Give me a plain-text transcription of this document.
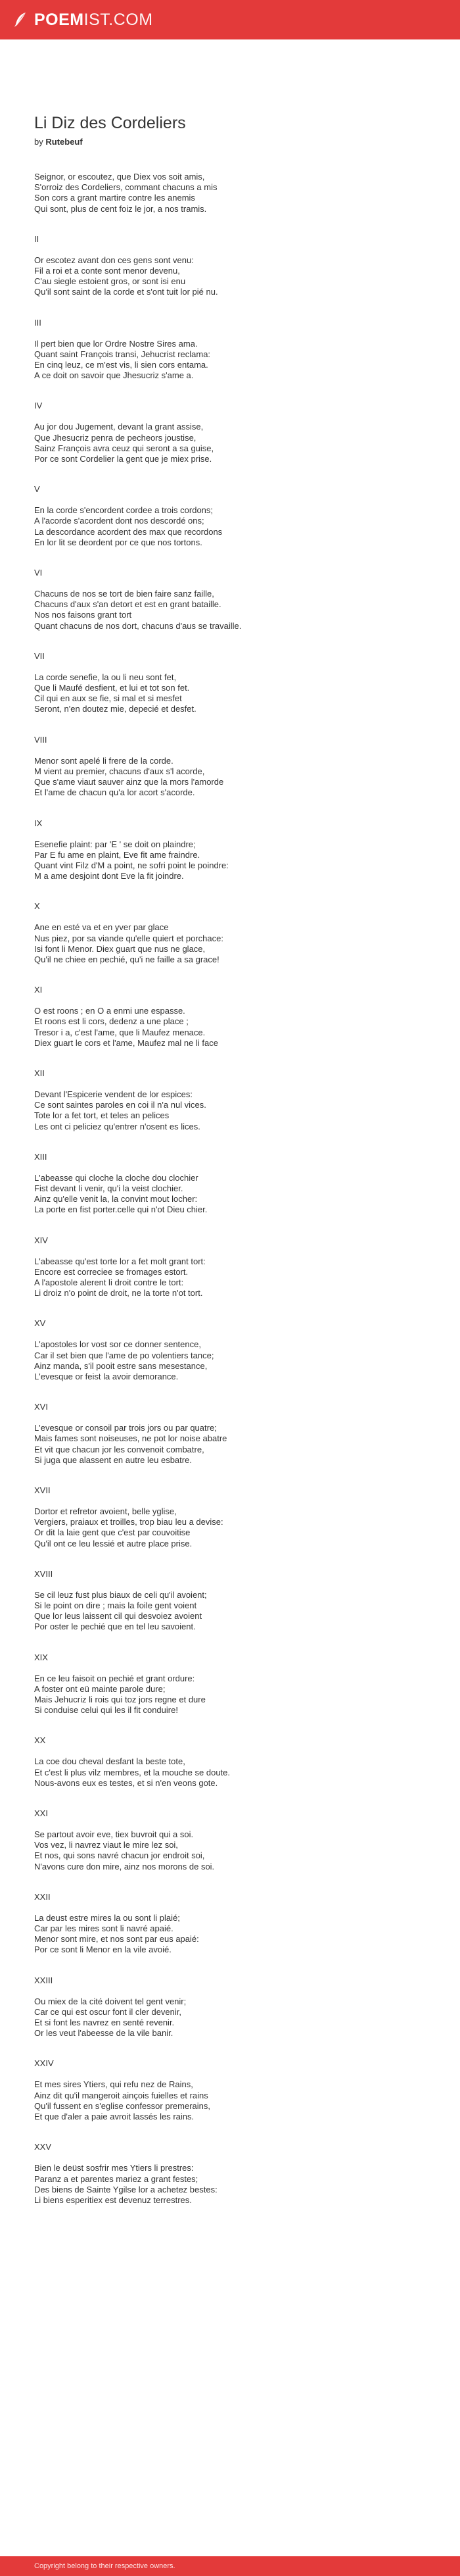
POEMIST.COM
Li Diz des Cordeliers
by Rutebeuf
Seignor, or escoutez, que Diex vos soit amis,
S'orroiz des Cordeliers, commant chacuns a mis
Son cors a grant martire contre les anemis
Qui sont, plus de cent foiz le jor, a nos tramis.
II
Or escotez avant don ces gens sont venu:
Fil a roi et a conte sont menor devenu,
C'au siegle estoient gros, or sont isi enu
Qu'il sont saint de la corde et s'ont tuit lor pié nu.
III
Il pert bien que lor Ordre Nostre Sires ama.
Quant saint François transi, Jehucrist reclama:
En cinq leuz, ce m'est vis, li sien cors entama.
A ce doit on savoir que Jhesucriz s'ame a.
IV
Au jor dou Jugement, devant la grant assise,
Que Jhesucriz penra de pecheors joustise,
Sainz François avra ceuz qui seront a sa guise,
Por ce sont Cordelier la gent que je miex prise.
V
En la corde s'encordent cordee a trois cordons;
A l'acorde s'acordent dont nos descordé ons;
La descordance acordent des max que recordons
En lor lit se deordent por ce que nos tortons.
VI
Chacuns de nos se tort de bien faire sanz faille,
Chacuns d'aux s'an detort et est en grant bataille.
Nos nos faisons grant tort
Quant chacuns de nos dort, chacuns d'aus se travaille.
VII
La corde senefie, la ou li neu sont fet,
Que li Maufé desfient, et lui et tot son fet.
Cil qui en aux se fie, si mal et si mesfet
Seront, n'en doutez mie, depecié et desfet.
VIII
Menor sont apelé li frere de la corde.
M vient au premier, chacuns d'aux s'l acorde,
Que s'ame viaut sauver ainz que la mors l'amorde
Et l'ame de chacun qu'a lor acort s'acorde.
IX
Esenefie plaint: par 'E ' se doit on plaindre;
Par E fu ame en plaint, Eve fit ame fraindre.
Quant vint Filz d'M a point, ne sofri point le poindre:
M a ame desjoint dont Eve la fit joindre.
X
Ane en esté va et en yver par glace
Nus piez, por sa viande qu'elle quiert et porchace:
Isi font li Menor. Diex guart que nus ne glace,
Qu'il ne chiee en pechié, qu'i ne faille a sa grace!
XI
O est roons ; en O a enmi une espasse.
Et roons est li cors, dedenz a une place ;
Tresor i a, c'est l'ame, que li Maufez menace.
Diex guart le cors et l'ame, Maufez mal ne li face
XII
Devant l'Espicerie vendent de lor espices:
Ce sont saintes paroles en coi il n'a nul vices.
Tote lor a fet tort, et teles an pelices
Les ont ci peliciez qu'entrer n'osent es lices.
XIII
L'abeasse qui cloche la cloche dou clochier
Fist devant li venir, qu'i la veist clochier.
Ainz qu'elle venit la, la convint mout locher:
La porte en fist porter.celle qui n'ot Dieu chier.
XIV
L'abeasse qu'est torte lor a fet molt grant tort:
Encore est correciee se fromages estort.
A l'apostole alerent li droit contre le tort:
Li droiz n'o point de droit, ne la torte n'ot tort.
XV
L'apostoles lor vost sor ce donner sentence,
Car il set bien que l'ame de po volentiers tance;
Ainz manda, s'il pooit estre sans mesestance,
L'evesque or feist la avoir demorance.
XVI
L'evesque or consoil par trois jors ou par quatre;
Mais fames sont noiseuses, ne pot lor noise abatre
Et vit que chacun jor les convenoit combatre,
Si juga que alassent en autre leu esbatre.
XVII
Dortor et refretor avoient, belle yglise,
Vergiers, praiaux et troilles, trop biau leu a devise:
Or dit la laie gent que c'est par couvoitise
Qu'il ont ce leu lessié et autre place prise.
XVIII
Se cil leuz fust plus biaux de celi qu'il avoient;
Si le point on dire ; mais la foile gent voient
Que lor leus laissent cil qui desvoiez avoient
Por oster le pechié que en tel leu savoient.
XIX
En ce leu faisoit on pechié et grant ordure:
A foster ont eü mainte parole dure;
Mais Jehucriz li rois qui toz jors regne et dure
Si conduise celui qui les il fit conduire!
XX
La coe dou cheval desfant la beste tote,
Et c'est li plus vilz membres, et la mouche se doute.
Nous-avons eux es testes, et si n'en veons gote.
XXI
Se partout avoir eve, tiex buvroit qui a soi.
Vos vez, li navrez viaut le mire lez soi,
Et nos, qui sons navré chacun jor endroit soi,
N'avons cure don mire, ainz nos morons de soi.
XXII
La deust estre mires la ou sont li plaié;
Car par les mires sont li navré apaié.
Menor sont mire, et nos sont par eus apaié:
Por ce sont li Menor en la vile avoié.
XXIII
Ou miex de la cité doivent tel gent venir;
Car ce qui est oscur font il cler devenir,
Et si font les navrez en senté revenir.
Or les veut l'abeesse de la vile banir.
XXIV
Et mes sires Ytiers, qui refu nez de Rains,
Ainz dit qu'il mangeroit ainçois fuielles et rains
Qu'il fussent en s'eglise confessor premerains,
Et que d'aler a paie avroit lassés les rains.
XXV
Bien le deüst sosfrir mes Ytiers li prestres:
Paranz a et parentes mariez a grant festes;
Des biens de Sainte Ygilse lor a achetez bestes:
Li biens esperitiex est devenuz terrestres.
Copyright belong to their respective owners.
